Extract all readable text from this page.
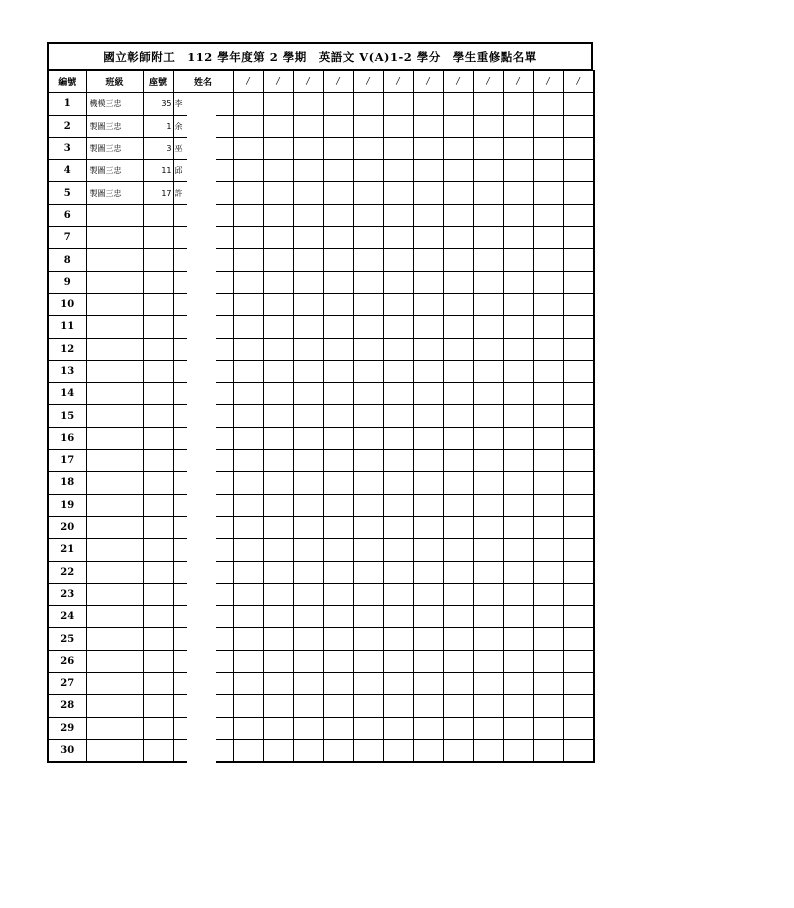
國立彰師附工 112 學年度第 2 學期 英語文 V(A)1-2 學分 學生重修點名單
編號	班級	座號	姓名	/	/	/	/	/	/	/	/	/	/	/	/
1	機模三忠	35	李												
2	製圖三忠	1	余												
3	製圖三忠	3	巫												
4	製圖三忠	11	邱												
5	製圖三忠	17	許												
6															
7															
8															
9															
10															
11															
12															
13															
14															
15															
16															
17															
18															
19															
20															
21															
22															
23															
24															
25															
26															
27															
28															
29															
30															
